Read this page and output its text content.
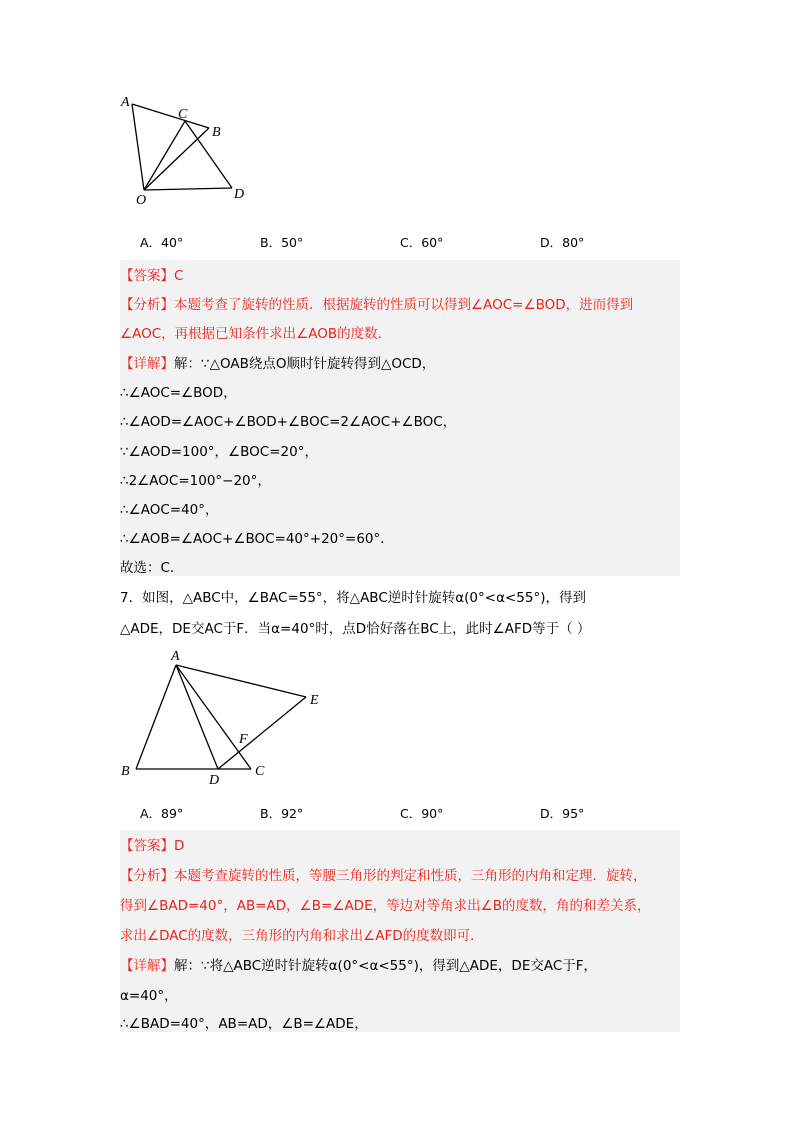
A
C
B
D
O
A．40°	B．50°	C．60°	D．80°
【答案】C
【分析】本题考查了旋转的性质．根据旋转的性质可以得到∠AOC=∠BOD，进而得到
∠AOC，再根据已知条件求出∠AOB的度数．
【详解】解：∵△OAB绕点O顺时针旋转得到△OCD，
∴∠AOC=∠BOD，
∴∠AOD=∠AOC+∠BOD+∠BOC=2∠AOC+∠BOC，
∵∠AOD=100°，∠BOC=20°，
∴2∠AOC=100°−20°，
∴∠AOC=40°，
∴∠AOB=∠AOC+∠BOC=40°+20°=60°．
故选：C．
7．如图，△ABC中，∠BAC=55°，将△ABC逆时针旋转α(0°<α<55°)，得到
△ADE，DE交AC于F．当α=40°时，点D恰好落在BC上，此时∠AFD等于（ ）
A
E
F
B
D
C
A．89°	B．92°	C．90°	D．95°
【答案】D
【分析】本题考查旋转的性质，等腰三角形的判定和性质，三角形的内角和定理．旋转，
得到∠BAD=40°，AB=AD，∠B=∠ADE，等边对等角求出∠B的度数，角的和差关系，
求出∠DAC的度数，三角形的内角和求出∠AFD的度数即可．
【详解】解：∵将△ABC逆时针旋转α(0°<α<55°)，得到△ADE，DE交AC于F，
α=40°，
∴∠BAD=40°，AB=AD，∠B=∠ADE，
